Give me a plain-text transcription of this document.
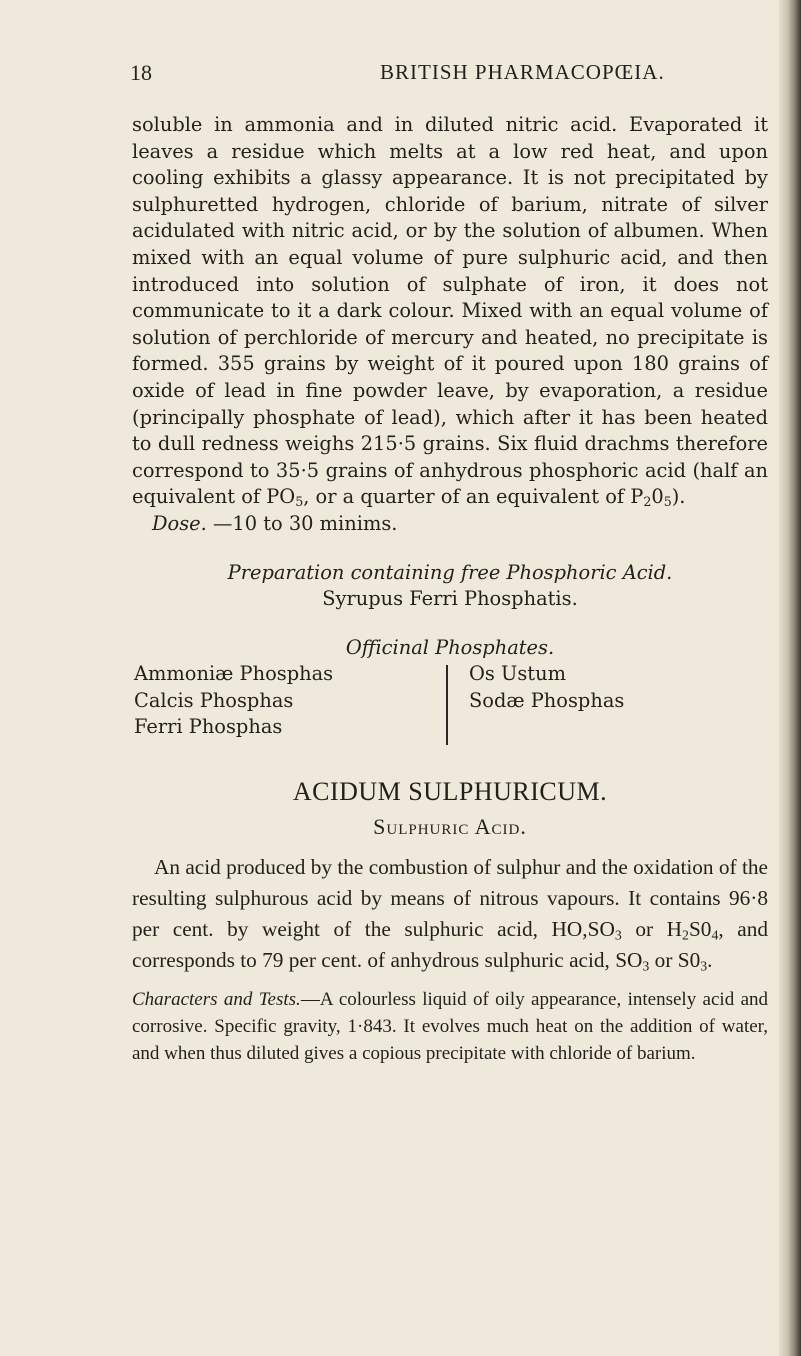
18	BRITISH PHARMACOPŒIA.

soluble in ammonia and in diluted nitric acid. Evaporated it leaves a residue which melts at a low red heat, and upon cooling exhibits a glassy appearance. It is not precipitated by sulphuretted hydrogen, chloride of barium, nitrate of silver acidulated with nitric acid, or by the solution of albumen. When mixed with an equal volume of pure sulphuric acid, and then introduced into solution of sulphate of iron, it does not communicate to it a dark colour. Mixed with an equal volume of solution of perchloride of mercury and heated, no precipitate is formed. 355 grains by weight of it poured upon 180 grains of oxide of lead in fine powder leave, by evaporation, a residue (principally phosphate of lead), which after it has been heated to dull redness weighs 215·5 grains. Six fluid drachms therefore correspond to 35·5 grains of anhydrous phosphoric acid (half an equivalent of $PO_5$, or a quarter of an equivalent of $P_20_5$).

Dose. —10 to 30 minims.

Preparation containing free Phosphoric Acid.

Syrupus Ferri Phosphatis.

Officinal Phosphates.

Ammoniæ Phosphas
Calcis Phosphas
Ferri Phosphas
Os Ustum
Sodæ Phosphas

ACIDUM SULPHURICUM.

Sulphuric Acid.

An acid produced by the combustion of sulphur and the oxidation of the resulting sulphurous acid by means of nitrous vapours. It contains 96·8 per cent. by weight of the sulphuric acid, $HO,SO_3$ or $H_2S0_4$, and corresponds to 79 per cent. of anhydrous sulphuric acid, $SO_3$ or $S0_3$.

Characters and Tests.—A colourless liquid of oily appearance, intensely acid and corrosive. Specific gravity, 1·843. It evolves much heat on the addition of water, and when thus diluted gives a copious precipitate with chloride of barium.
